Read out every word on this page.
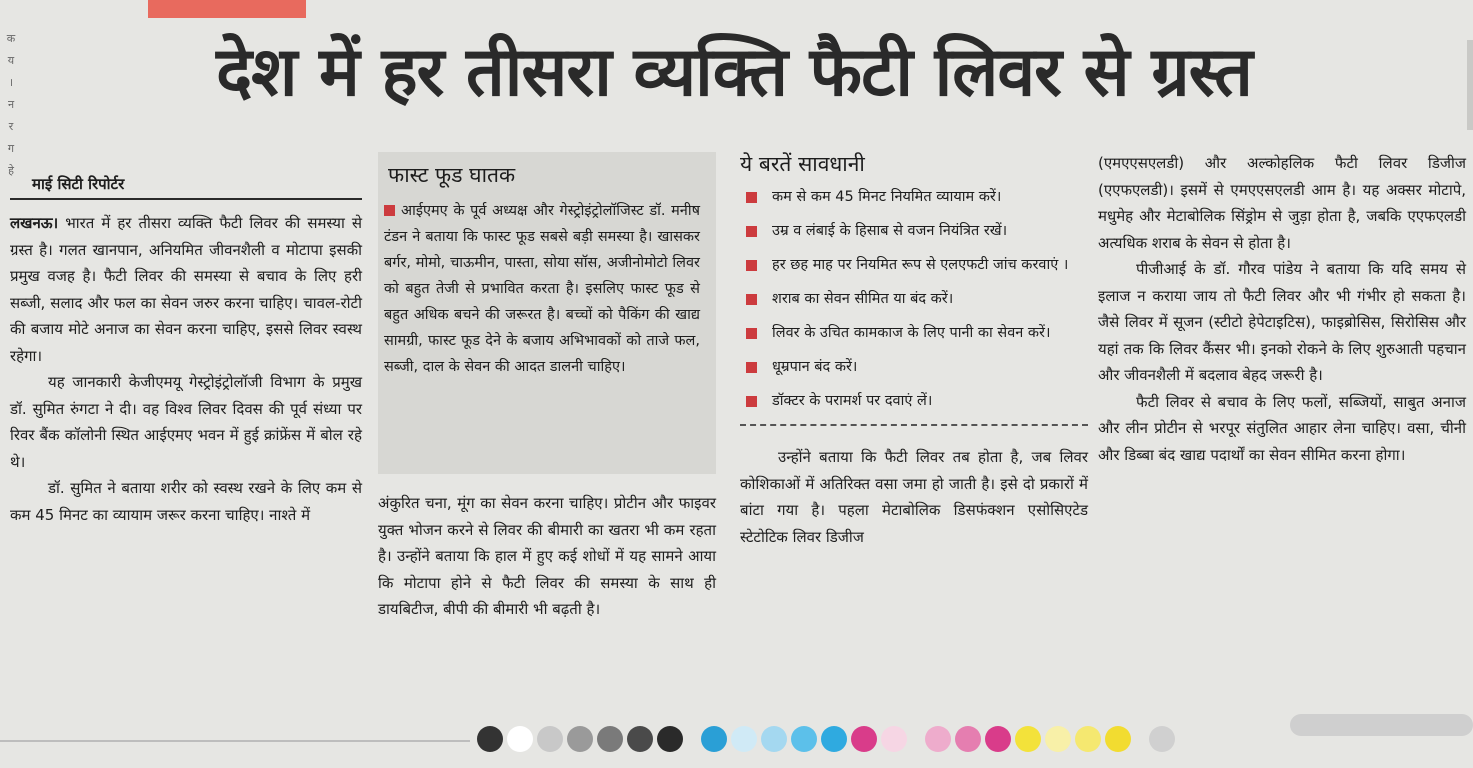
क
य
।
न
र
ग
हे
देश में हर तीसरा व्यक्ति फैटी लिवर से ग्रस्त
माई सिटी रिपोर्टर

लखनऊ। भारत में हर तीसरा व्यक्ति फैटी लिवर की समस्या से ग्रस्त है। गलत खानपान, अनियमित जीवनशैली व मोटापा इसकी प्रमुख वजह है। फैटी लिवर की समस्या से बचाव के लिए हरी सब्जी, सलाद और फल का सेवन जरुर करना चाहिए। चावल-रोटी की बजाय मोटे अनाज का सेवन करना चाहिए, इससे लिवर स्वस्थ रहेगा।

यह जानकारी केजीएमयू गेस्ट्रोइंट्रोलॉजी विभाग के प्रमुख डॉ. सुमित रुंगटा ने दी। वह विश्व लिवर दिवस की पूर्व संध्या पर रिवर बैंक कॉलोनी स्थित आईएमए भवन में हुई क्रांफ्रेंस में बोल रहे थे।

डॉ. सुमित ने बताया शरीर को स्वस्थ रखने के लिए कम से कम 45 मिनट का व्यायाम जरूर करना चाहिए। नाश्ते में

फास्ट फूड घातक

आईएमए के पूर्व अध्यक्ष और गेस्ट्रोइंट्रोलॉजिस्ट डॉ. मनीष टंडन ने बताया कि फास्ट फूड सबसे बड़ी समस्या है। खासकर बर्गर, मोमो, चाऊमीन, पास्ता, सोया सॉस, अजीनोमोटो लिवर को बहुत तेजी से प्रभावित करता है। इसलिए फास्ट फूड से बहुत अधिक बचने की जरूरत है। बच्चों को पैकिंग की खाद्य सामग्री, फास्ट फूड देने के बजाय अभिभावकों को ताजे फल, सब्जी, दाल के सेवन की आदत डालनी चाहिए।

अंकुरित चना, मूंग का सेवन करना चाहिए। प्रोटीन और फाइवर युक्त भोजन करने से लिवर की बीमारी का खतरा भी कम रहता है। उन्होंने बताया कि हाल में हुए कई शोधों में यह सामने आया कि मोटापा होने से फैटी लिवर की समस्या के साथ ही डायबिटीज, बीपी की बीमारी भी बढ़ती है।

ये बरतें सावधानी
कम से कम 45 मिनट नियमित व्यायाम करें।
उम्र व लंबाई के हिसाब से वजन नियंत्रित रखें।
हर छह माह पर नियमित रूप से एलएफटी जांच करवाएं ।
शराब का सेवन सीमित या बंद करें।
लिवर के उचित कामकाज के लिए पानी का सेवन करें।
धूम्रपान बंद करें।
डॉक्टर के परामर्श पर दवाएं लें।

उन्होंने बताया कि फैटी लिवर तब होता है, जब लिवर कोशिकाओं में अतिरिक्त वसा जमा हो जाती है। इसे दो प्रकारों में बांटा गया है। पहला मेटाबोलिक डिसफंक्शन एसोसिएटेड स्टेटोटिक लिवर डिजीज

(एमएएसएलडी) और अल्कोहलिक फैटी लिवर डिजीज (एएफएलडी)। इसमें से एमएएसएलडी आम है। यह अक्सर मोटापे, मधुमेह और मेटाबोलिक सिंड्रोम से जुड़ा होता है, जबकि एएफएलडी अत्यधिक शराब के सेवन से होता है।

पीजीआई के डॉ. गौरव पांडेय ने बताया कि यदि समय से इलाज न कराया जाय तो फैटी लिवर और भी गंभीर हो सकता है। जैसे लिवर में सूजन (स्टीटो हेपेटाइटिस), फाइब्रोसिस, सिरोसिस और यहां तक कि लिवर कैंसर भी। इनको रोकने के लिए शुरुआती पहचान और जीवनशैली में बदलाव बेहद जरूरी है।

फैटी लिवर से बचाव के लिए फलों, सब्जियों, साबुत अनाज और लीन प्रोटीन से भरपूर संतुलित आहार लेना चाहिए। वसा, चीनी और डिब्बा बंद खाद्य पदार्थों का सेवन सीमित करना होगा।
